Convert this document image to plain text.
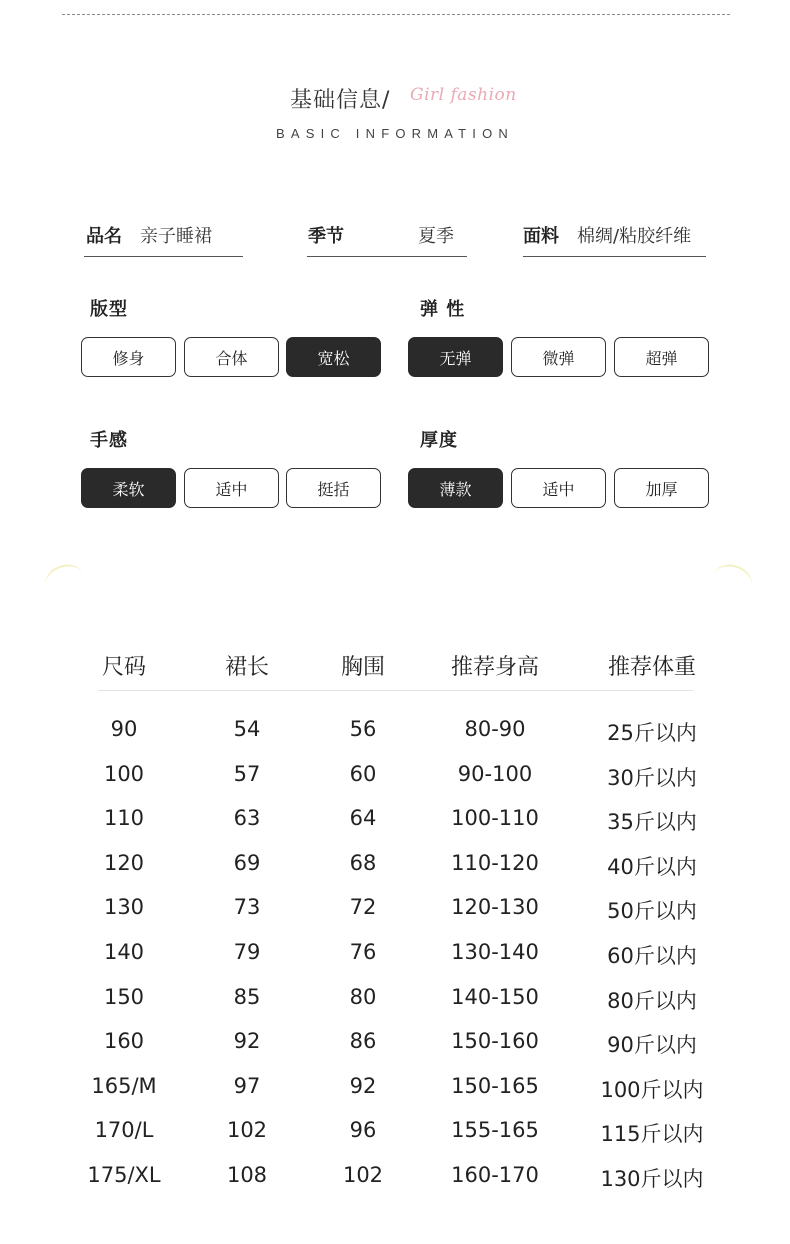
基础信息/ Girl fashion
BASIC INFORMATION
品名 亲子睡裙	季节	夏季	面料 棉绸/粘胶纤维
版型
修身	合体	宽松
弹 性
无弹	微弹	超弹
手感
柔软	适中	挺括
厚度
薄款	适中	加厚
尺码	裙长	胸围	推荐身高	推荐体重
90	54	56	80-90	25斤以内
100	57	60	90-100	30斤以内
110	63	64	100-110	35斤以内
120	69	68	110-120	40斤以内
130	73	72	120-130	50斤以内
140	79	76	130-140	60斤以内
150	85	80	140-150	80斤以内
160	92	86	150-160	90斤以内
165/M	97	92	150-165	100斤以内
170/L	102	96	155-165	115斤以内
175/XL	108	102	160-170	130斤以内
